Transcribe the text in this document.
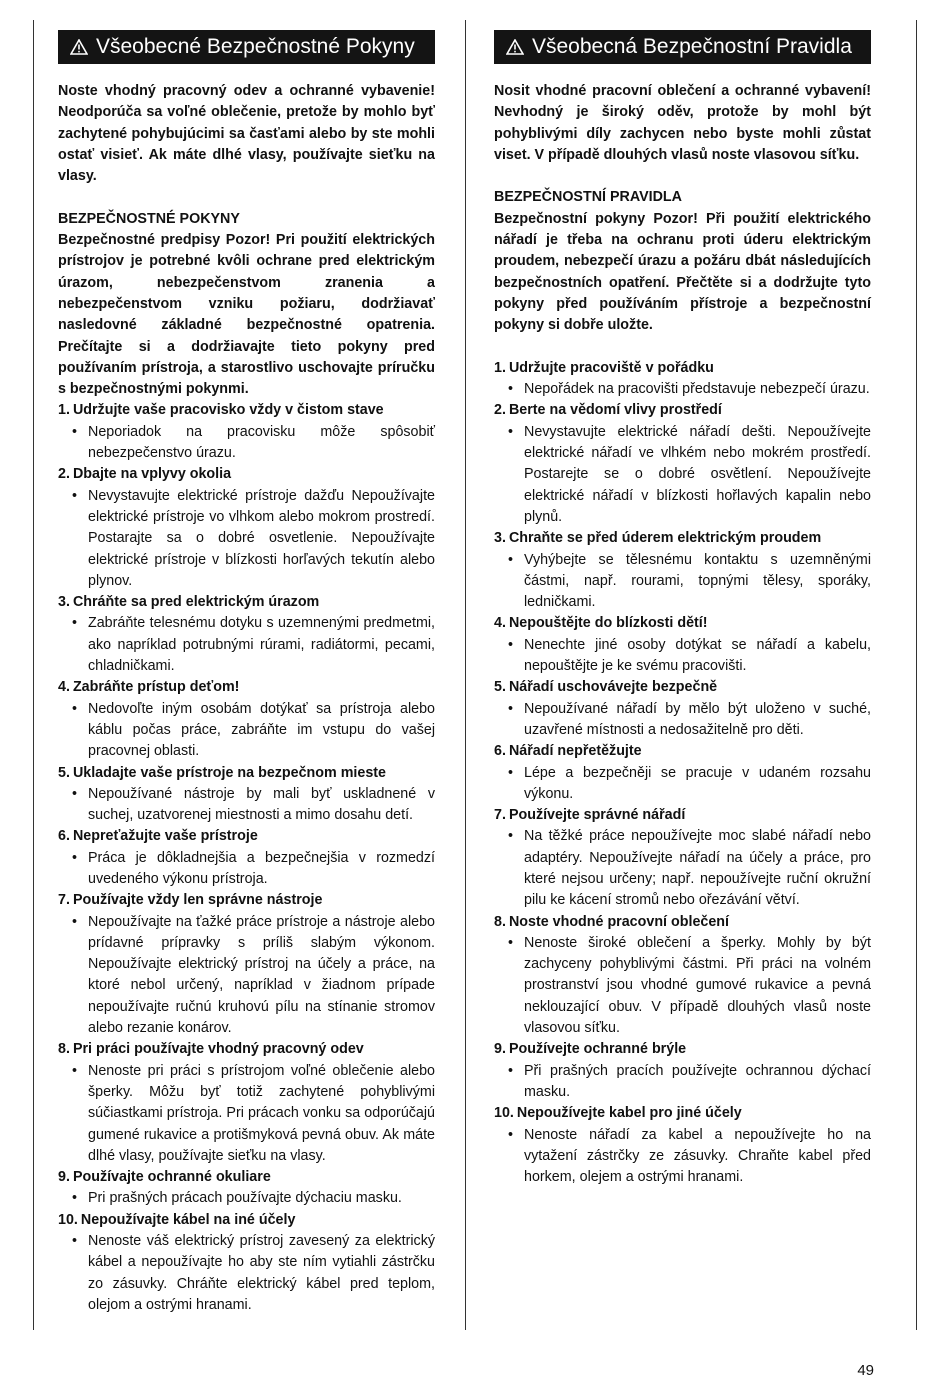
Všeobecné Bezpečnostné Pokyny

Noste vhodný pracovný odev a ochranné vybavenie! Neodporúča sa voľné oblečenie, pretože by mohlo byť zachytené pohybujúcimi sa časťami alebo by ste mohli ostať visieť. Ak máte dlhé vlasy, používajte sieťku na vlasy.

BEZPEČNOSTNÉ POKYNY

Bezpečnostné predpisy Pozor! Pri použití elektrických prístrojov je potrebné kvôli ochrane pred elektrickým úrazom, nebezpečenstvom zranenia a nebezpečenstvom vzniku požiaru, dodržiavať nasledovné základné bezpečnostné opatrenia. Prečítajte si a dodržiavajte tieto pokyny pred používaním prístroja, a starostlivo uschovajte príručku s bezpečnostnými pokynmi.

1. Udržujte vaše pracovisko vždy v čistom stave

• Neporiadok na pracovisku môže spôsobiť nebezpečenstvo úrazu.

2. Dbajte na vplyvy okolia

• Nevystavujte elektrické prístroje dažďu Nepoužívajte elektrické prístroje vo vlhkom alebo mokrom prostredí. Postarajte sa o dobré osvetlenie. Nepoužívajte elektrické prístroje v blízkosti horľavých tekutín alebo plynov.

3. Chráňte sa pred elektrickým úrazom

• Zabráňte telesnému dotyku s uzemnenými predmetmi, ako napríklad potrubnými rúrami, radiátormi, pecami, chladničkami.

4. Zabráňte prístup deťom!

• Nedovoľte iným osobám dotýkať sa prístroja alebo káblu počas práce, zabráňte im vstupu do vašej pracovnej oblasti.

5. Ukladajte vaše prístroje na bezpečnom mieste

• Nepoužívané nástroje by mali byť uskladnené v suchej, uzatvorenej miestnosti a mimo dosahu detí.

6. Nepreťažujte vaše prístroje

• Práca je dôkladnejšia a bezpečnejšia v rozmedzí uvedeného výkonu prístroja.

7. Používajte vždy len správne nástroje

• Nepoužívajte na ťažké práce prístroje a nástroje alebo prídavné prípravky s príliš slabým výkonom. Nepoužívajte elektrický prístroj na účely a práce, na ktoré nebol určený, napríklad v žiadnom prípade nepoužívajte ručnú kruhovú pílu na stínanie stromov alebo rezanie konárov.

8. Pri práci používajte vhodný pracovný odev

• Nenoste pri práci s prístrojom voľné oblečenie alebo šperky. Môžu byť totiž zachytené pohyblivými súčiastkami prístroja. Pri prácach vonku sa odporúčajú gumené rukavice a protišmyková pevná obuv. Ak máte dlhé vlasy, používajte sieťku na vlasy.

9. Používajte ochranné okuliare

• Pri prašných prácach používajte dýchaciu masku.

10. Nepoužívajte kábel na iné účely

• Nenoste váš elektrický prístroj zavesený za elektrický kábel a nepoužívajte ho aby ste ním vytiahli zástrčku zo zásuvky. Chráňte elektrický kábel pred teplom, olejom a ostrými hranami.

Všeobecná Bezpečnostní Pravidla

Nosit vhodné pracovní oblečení a ochranné vybavení! Nevhodný je široký oděv, protože by mohl být pohyblivými díly zachycen nebo byste mohli zůstat viset. V případě dlouhých vlasů noste vlasovou síťku.

BEZPEČNOSTNÍ PRAVIDLA

Bezpečnostní pokyny Pozor! Při použití elektrického nářadí je třeba na ochranu proti úderu elektrickým proudem, nebezpečí úrazu a požáru dbát následujících bezpečnostních opatření. Přečtěte si a dodržujte tyto pokyny před používáním přístroje a bezpečnostní pokyny si dobře uložte.

1. Udržujte pracoviště v pořádku

• Nepořádek na pracovišti představuje nebezpečí úrazu.

2. Berte na vědomí vlivy prostředí

• Nevystavujte elektrické nářadí dešti. Nepoužívejte elektrické nářadí ve vlhkém nebo mokrém prostředí. Postarejte se o dobré osvětlení. Nepoužívejte elektrické nářadí v blízkosti hořlavých kapalin nebo plynů.

3. Chraňte se před úderem elektrickým proudem

• Vyhýbejte se tělesnému kontaktu s uzemněnými částmi, např. rourami, topnými tělesy, sporáky, ledničkami.

4. Nepouštějte do blízkosti dětí!

• Nenechte jiné osoby dotýkat se nářadí a kabelu, nepouštějte je ke svému pracovišti.

5. Nářadí uschovávejte bezpečně

• Nepoužívané nářadí by mělo být uloženo v suché, uzavřené místnosti a nedosažitelně pro děti.

6. Nářadí nepřetěžujte

• Lépe a bezpečněji se pracuje v udaném rozsahu výkonu.

7. Používejte správné nářadí

• Na těžké práce nepoužívejte moc slabé nářadí nebo adaptéry. Nepoužívejte nářadí na účely a práce, pro které nejsou určeny; např. nepoužívejte ruční okružní pilu ke kácení stromů nebo ořezávání větví.

8. Noste vhodné pracovní oblečení

• Nenoste široké oblečení a šperky. Mohly by být zachyceny pohyblivými částmi. Při práci na volném prostranství jsou vhodné gumové rukavice a pevná neklouzající obuv. V případě dlouhých vlasů noste vlasovou síťku.

9. Používejte ochranné brýle

• Při prašných pracích používejte ochrannou dýchací masku.

10. Nepoužívejte kabel pro jiné účely

• Nenoste nářadí za kabel a nepoužívejte ho na vytažení zástrčky ze zásuvky. Chraňte kabel před horkem, olejem a ostrými hranami.

49
